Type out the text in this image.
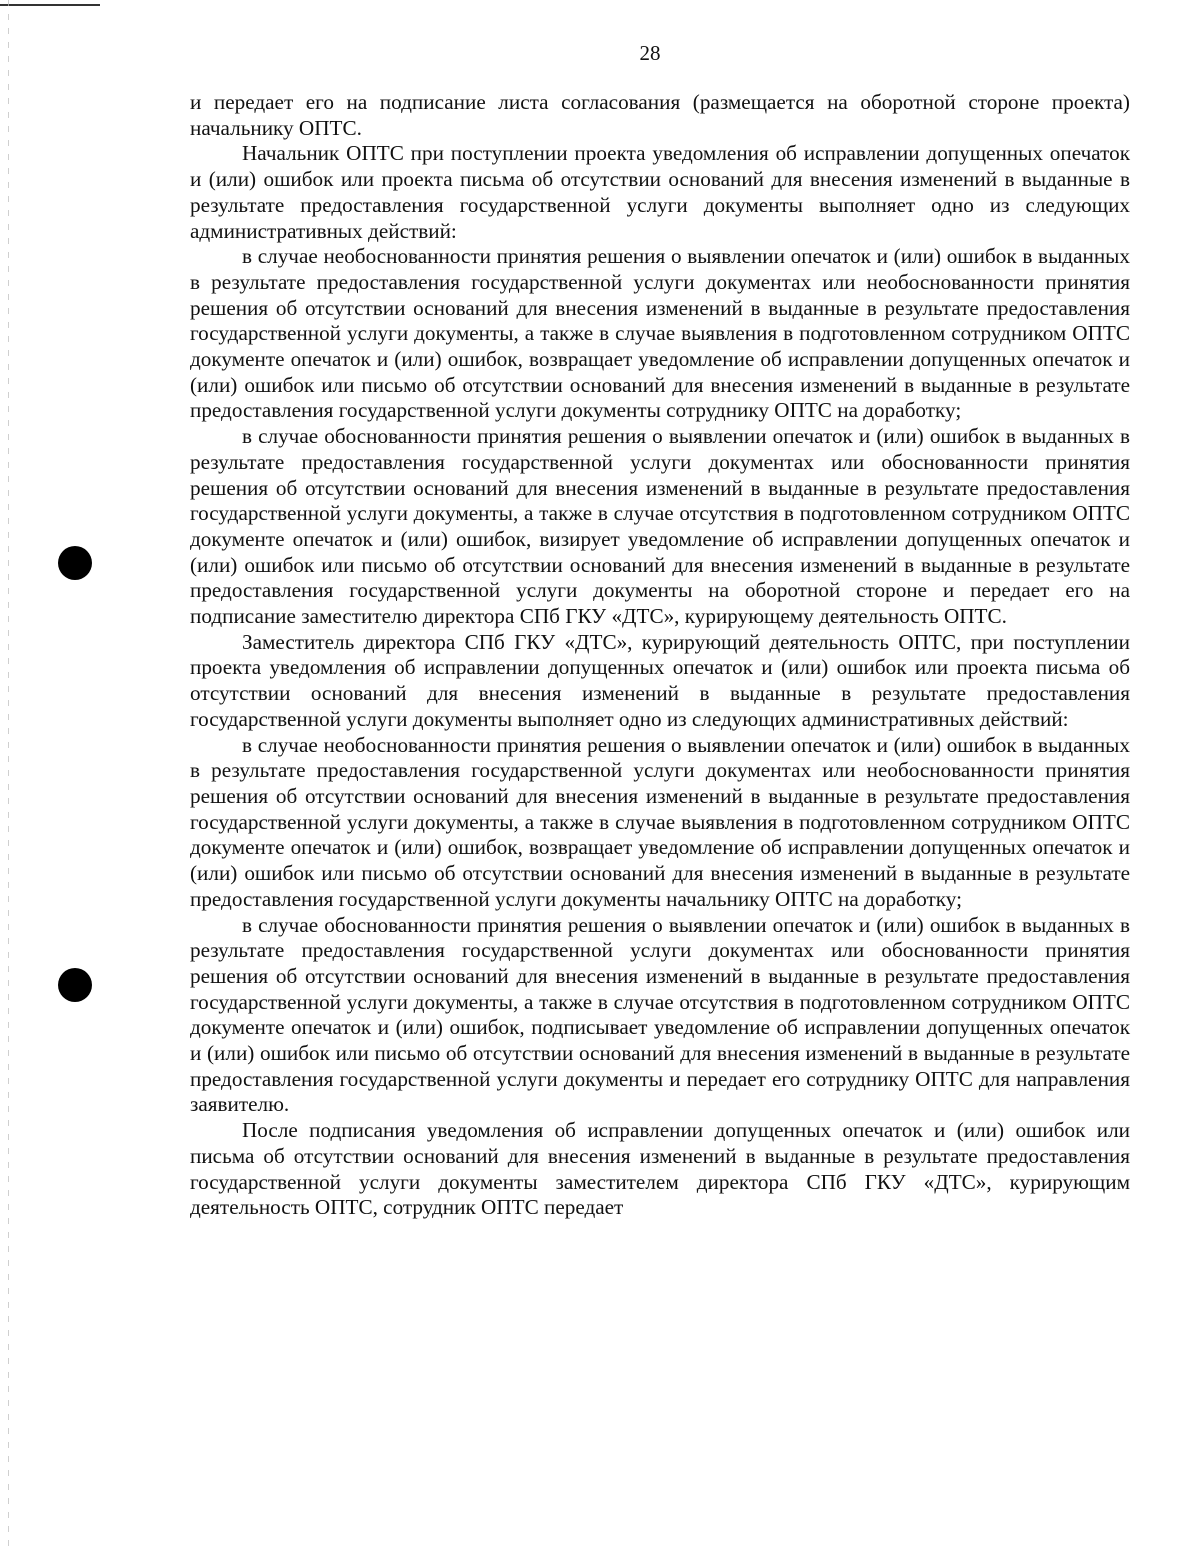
28

и передает его на подписание листа согласования (размещается на оборотной стороне проекта) начальнику ОПТС.

Начальник ОПТС при поступлении проекта уведомления об исправлении допущенных опечаток и (или) ошибок или проекта письма об отсутствии оснований для внесения изменений в выданные в результате предоставления государственной услуги документы выполняет одно из следующих административных действий:

в случае необоснованности принятия решения о выявлении опечаток и (или) ошибок в выданных в результате предоставления государственной услуги документах или необоснованности принятия решения об отсутствии оснований для внесения изменений в выданные в результате предоставления государственной услуги документы, а также в случае выявления в подготовленном сотрудником ОПТС документе опечаток и (или) ошибок, возвращает уведомление об исправлении допущенных опечаток и (или) ошибок или письмо об отсутствии оснований для внесения изменений в выданные в результате предоставления государственной услуги документы сотруднику ОПТС на доработку;

в случае обоснованности принятия решения о выявлении опечаток и (или) ошибок в выданных в результате предоставления государственной услуги документах или обоснованности принятия решения об отсутствии оснований для внесения изменений в выданные в результате предоставления государственной услуги документы, а также в случае отсутствия в подготовленном сотрудником ОПТС документе опечаток и (или) ошибок, визирует уведомление об исправлении допущенных опечаток и (или) ошибок или письмо об отсутствии оснований для внесения изменений в выданные в результате предоставления государственной услуги документы на оборотной стороне и передает его на подписание заместителю директора СПб ГКУ «ДТС», курирующему деятельность ОПТС.

Заместитель директора СПб ГКУ «ДТС», курирующий деятельность ОПТС, при поступлении проекта уведомления об исправлении допущенных опечаток и (или) ошибок или проекта письма об отсутствии оснований для внесения изменений в выданные в результате предоставления государственной услуги документы выполняет одно из следующих административных действий:

в случае необоснованности принятия решения о выявлении опечаток и (или) ошибок в выданных в результате предоставления государственной услуги документах или необоснованности принятия решения об отсутствии оснований для внесения изменений в выданные в результате предоставления государственной услуги документы, а также в случае выявления в подготовленном сотрудником ОПТС документе опечаток и (или) ошибок, возвращает уведомление об исправлении допущенных опечаток и (или) ошибок или письмо об отсутствии оснований для внесения изменений в выданные в результате предоставления государственной услуги документы начальнику ОПТС на доработку;

в случае обоснованности принятия решения о выявлении опечаток и (или) ошибок в выданных в результате предоставления государственной услуги документах или обоснованности принятия решения об отсутствии оснований для внесения изменений в выданные в результате предоставления государственной услуги документы, а также в случае отсутствия в подготовленном сотрудником ОПТС документе опечаток и (или) ошибок, подписывает уведомление об исправлении допущенных опечаток и (или) ошибок или письмо об отсутствии оснований для внесения изменений в выданные в результате предоставления государственной услуги документы и передает его сотруднику ОПТС для направления заявителю.

После подписания уведомления об исправлении допущенных опечаток и (или) ошибок или письма об отсутствии оснований для внесения изменений в выданные в результате предоставления государственной услуги документы заместителем директора СПб ГКУ «ДТС», курирующим деятельность ОПТС, сотрудник ОПТС передает
